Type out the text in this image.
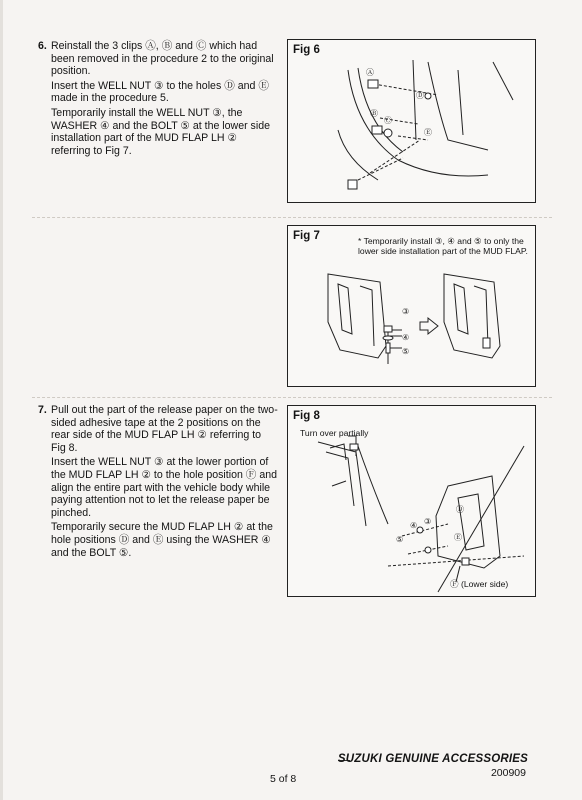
6. Reinstall the 3 clips Ⓐ, Ⓑ and Ⓒ which had been removed in the procedure 2 to the original position.

Insert the WELL NUT ③ to the holes Ⓓ and Ⓔ made in the procedure 5.

Temporarily install the WELL NUT ③, the WASHER ④ and the BOLT ⑤ at the lower side installation part of the MUD FLAP LH ② referring to Fig 7.

7. Pull out the part of the release paper on the two-sided adhesive tape at the 2 positions on the rear side of the MUD FLAP LH ② referring to Fig 8.

Insert the WELL NUT ③ at the lower portion of the MUD FLAP LH ② to the hole position Ⓕ and align the entire part with the vehicle body while paying attention not to let the release paper be pinched.

Temporarily secure the MUD FLAP LH ② at the hole positions Ⓓ and Ⓔ using the WASHER ④ and the BOLT ⑤.

Fig 6
Ⓐ
Ⓑ
Ⓒ
Ⓓ
Ⓔ
Fig 7	* Temporarily install ③, ④ and ⑤ to only the lower side installation part of the MUD FLAP.
③
④
⑤
Fig 8
Turn over partially
Ⓕ (Lower side)
Ⓓ
Ⓔ
⑤
④ ③
SUZUKI GENUINE ACCESSORIES
200909
5 of 8
